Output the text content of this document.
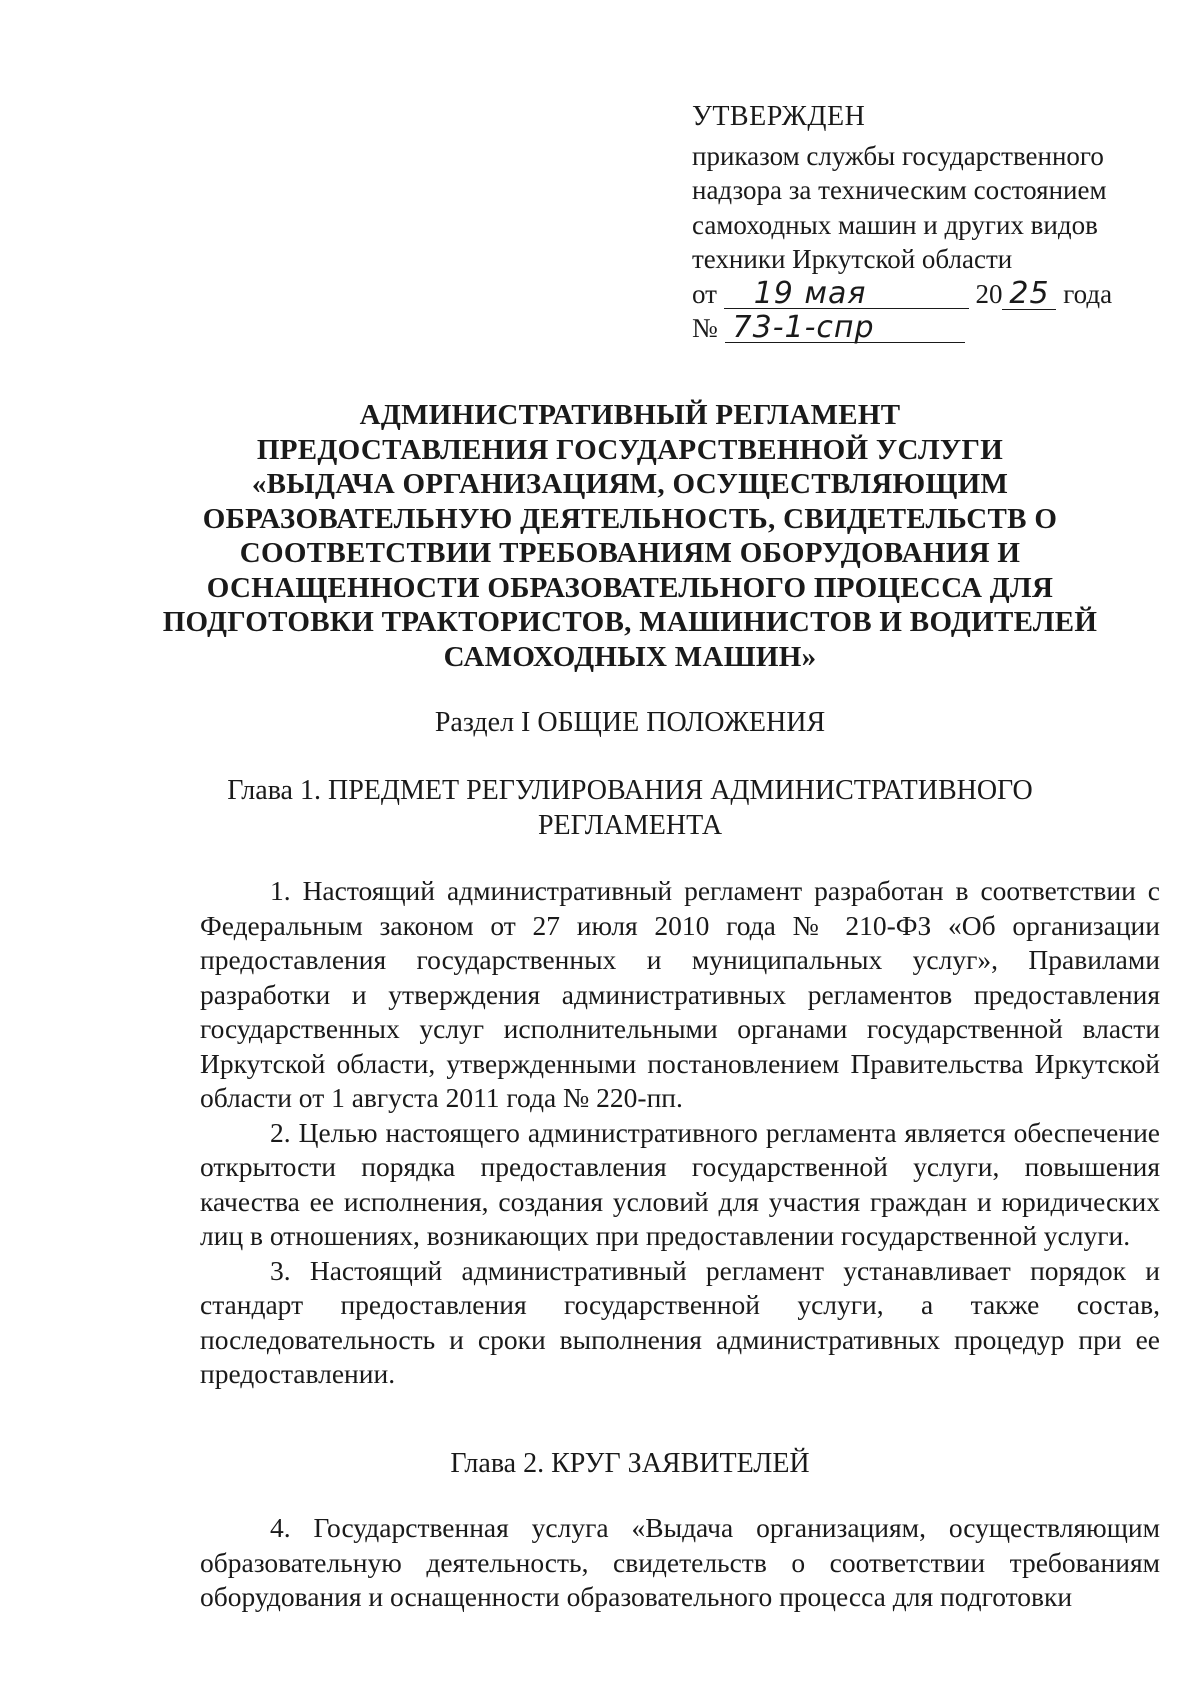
УТВЕРЖДЕН
приказом службы государственного
надзора за техническим состоянием
самоходных машин и других видов
техники Иркутской области
от 19 мая	20 25 года
№ 73-1-спр
АДМИНИСТРАТИВНЫЙ РЕГЛАМЕНТ
ПРЕДОСТАВЛЕНИЯ ГОСУДАРСТВЕННОЙ УСЛУГИ
«ВЫДАЧА ОРГАНИЗАЦИЯМ, ОСУЩЕСТВЛЯЮЩИМ
ОБРАЗОВАТЕЛЬНУЮ ДЕЯТЕЛЬНОСТЬ, СВИДЕТЕЛЬСТВ О
СООТВЕТСТВИИ ТРЕБОВАНИЯМ ОБОРУДОВАНИЯ И
ОСНАЩЕННОСТИ ОБРАЗОВАТЕЛЬНОГО ПРОЦЕССА ДЛЯ
ПОДГОТОВКИ ТРАКТОРИСТОВ, МАШИНИСТОВ И ВОДИТЕЛЕЙ
САМОХОДНЫХ МАШИН»
Раздел I ОБЩИЕ ПОЛОЖЕНИЯ
Глава 1. ПРЕДМЕТ РЕГУЛИРОВАНИЯ АДМИНИСТРАТИВНОГО
РЕГЛАМЕНТА

1. Настоящий административный регламент разработан в соответствии с Федеральным законом от 27 июля 2010 года № 210-ФЗ «Об организации предоставления государственных и муниципальных услуг», Правилами разработки и утверждения административных регламентов предоставления государственных услуг исполнительными органами государственной власти Иркутской области, утвержденными постановлением Правительства Иркутской области от 1 августа 2011 года № 220-пп.

2. Целью настоящего административного регламента является обеспечение открытости порядка предоставления государственной услуги, повышения качества ее исполнения, создания условий для участия граждан и юридических лиц в отношениях, возникающих при предоставлении государственной услуги.

3. Настоящий административный регламент устанавливает порядок и стандарт предоставления государственной услуги, а также состав, последовательность и сроки выполнения административных процедур при ее предоставлении.

Глава 2. КРУГ ЗАЯВИТЕЛЕЙ

4. Государственная услуга «Выдача организациям, осуществляющим образовательную деятельность, свидетельств о соответствии требованиям оборудования и оснащенности образовательного процесса для подготовки
